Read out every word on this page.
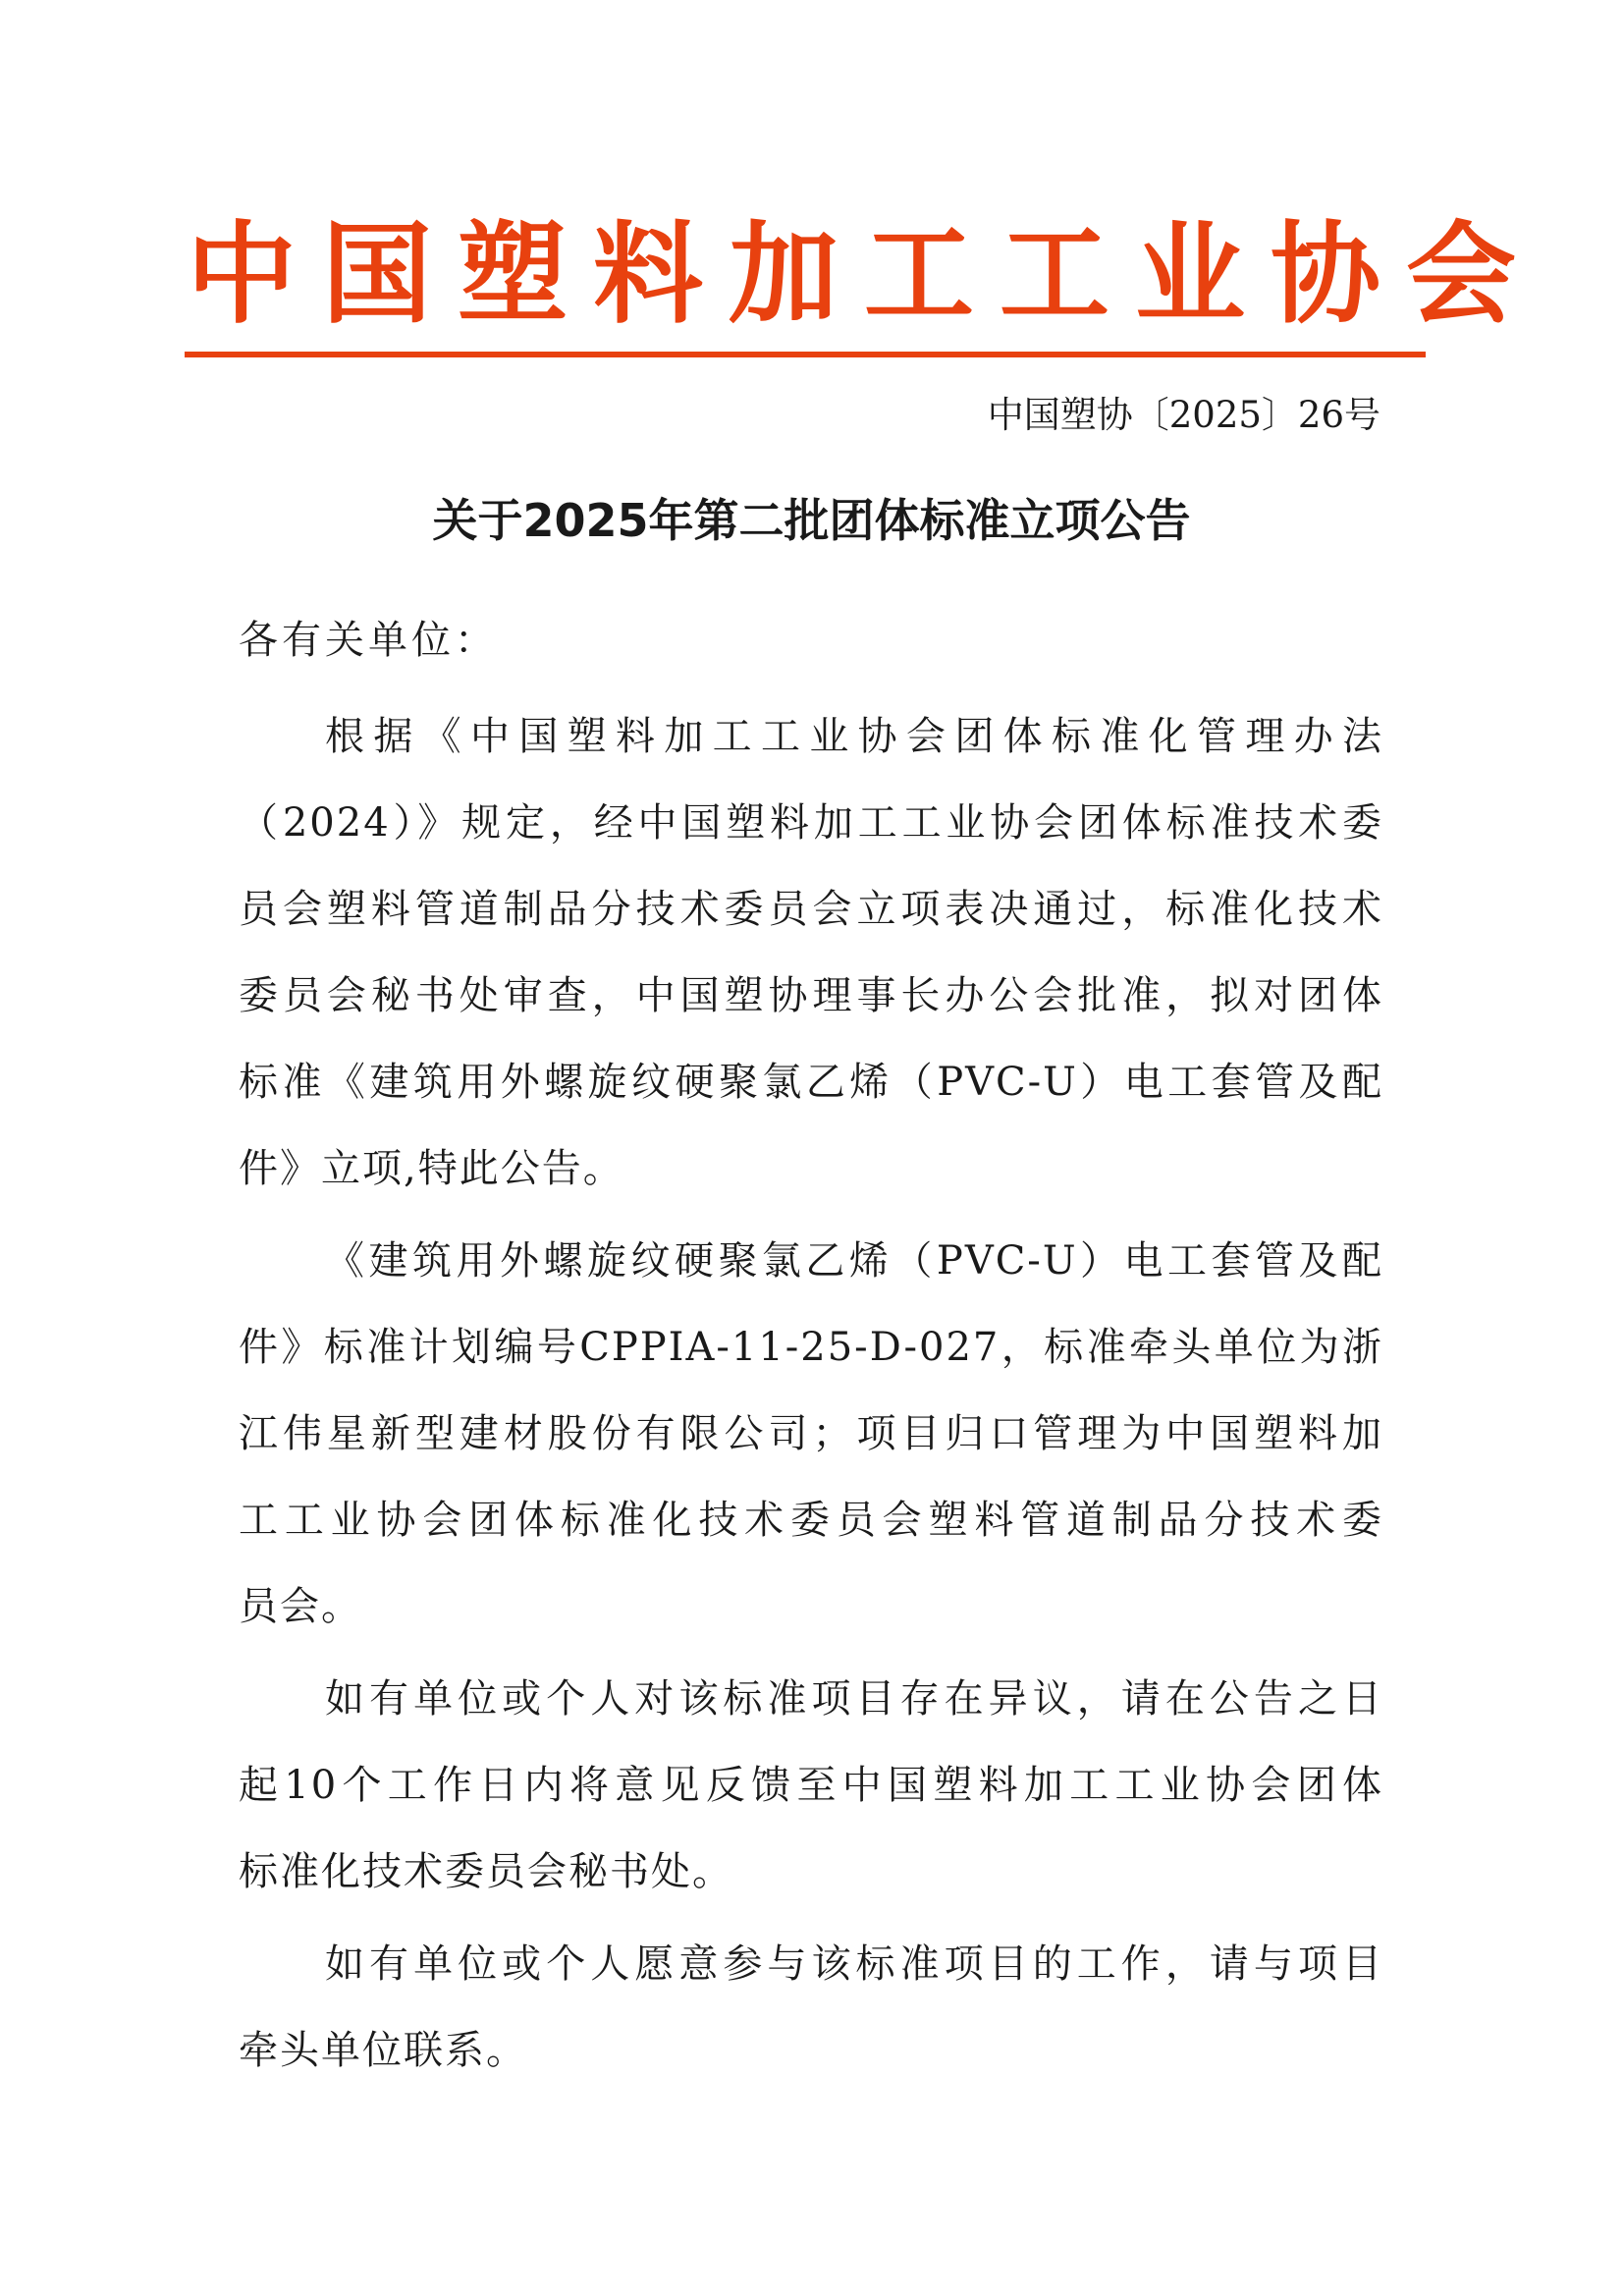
中国塑料加工工业协会
中国塑协〔2025〕26号
关于2025年第二批团体标准立项公告
各有关单位：
根据《中国塑料加工工业协会团体标准化管理办法
（2024）》规定，经中国塑料加工工业协会团体标准技术委
员会塑料管道制品分技术委员会立项表决通过，标准化技术
委员会秘书处审查，中国塑协理事长办公会批准，拟对团体
标准《建筑用外螺旋纹硬聚氯乙烯（PVC-U）电工套管及配
件》立项,特此公告。
《建筑用外螺旋纹硬聚氯乙烯（PVC-U）电工套管及配
件》标准计划编号CPPIA-11-25-D-027，标准牵头单位为浙
江伟星新型建材股份有限公司；项目归口管理为中国塑料加
工工业协会团体标准化技术委员会塑料管道制品分技术委
员会。
如有单位或个人对该标准项目存在异议，请在公告之日
起10个工作日内将意见反馈至中国塑料加工工业协会团体
标准化技术委员会秘书处。
如有单位或个人愿意参与该标准项目的工作，请与项目
牵头单位联系。
